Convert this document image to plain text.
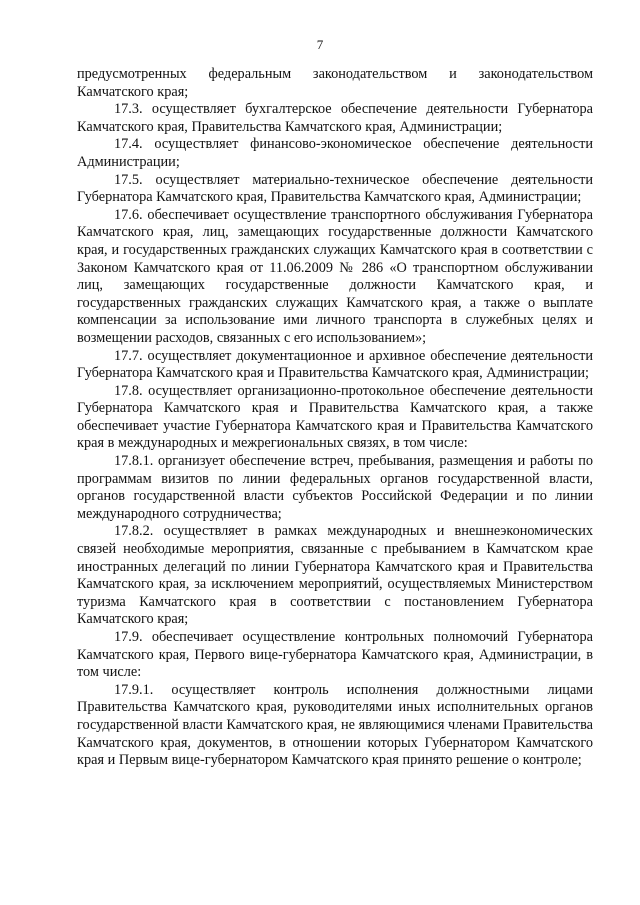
7

предусмотренных федеральным законодательством и законодательством Камчатского края;

17.3. осуществляет бухгалтерское обеспечение деятельности Губернатора Камчатского края, Правительства Камчатского края, Администрации;

17.4. осуществляет финансово-экономическое обеспечение деятельности Администрации;

17.5. осуществляет материально-техническое обеспечение деятельности Губернатора Камчатского края, Правительства Камчатского края, Администрации;

17.6. обеспечивает осуществление транспортного обслуживания Губернатора Камчатского края, лиц, замещающих государственные должности Камчатского края, и государственных гражданских служащих Камчатского края в соответствии с Законом Камчатского края от 11.06.2009 № 286 «О транспортном обслуживании лиц, замещающих государственные должности Камчатского края, и государственных гражданских служащих Камчатского края, а также о выплате компенсации за использование ими личного транспорта в служебных целях и возмещении расходов, связанных с его использованием»;

17.7. осуществляет документационное и архивное обеспечение деятельности Губернатора Камчатского края и Правительства Камчатского края, Администрации;

17.8. осуществляет организационно-протокольное обеспечение деятельности Губернатора Камчатского края и Правительства Камчатского края, а также обеспечивает участие Губернатора Камчатского края и Правительства Камчатского края в международных и межрегиональных связях, в том числе:

17.8.1. организует обеспечение встреч, пребывания, размещения и работы по программам визитов по линии федеральных органов государственной власти, органов государственной власти субъектов Российской Федерации и по линии международного сотрудничества;

17.8.2. осуществляет в рамках международных и внешнеэкономических связей необходимые мероприятия, связанные с пребыванием в Камчатском крае иностранных делегаций по линии Губернатора Камчатского края и Правительства Камчатского края, за исключением мероприятий, осуществляемых Министерством туризма Камчатского края в соответствии с постановлением Губернатора Камчатского края;

17.9. обеспечивает осуществление контрольных полномочий Губернатора Камчатского края, Первого вице-губернатора Камчатского края, Администрации, в том числе:

17.9.1. осуществляет контроль исполнения должностными лицами Правительства Камчатского края, руководителями иных исполнительных органов государственной власти Камчатского края, не являющимися членами Правительства Камчатского края, документов, в отношении которых Губернатором Камчатского края и Первым вице-губернатором Камчатского края принято решение о контроле;
